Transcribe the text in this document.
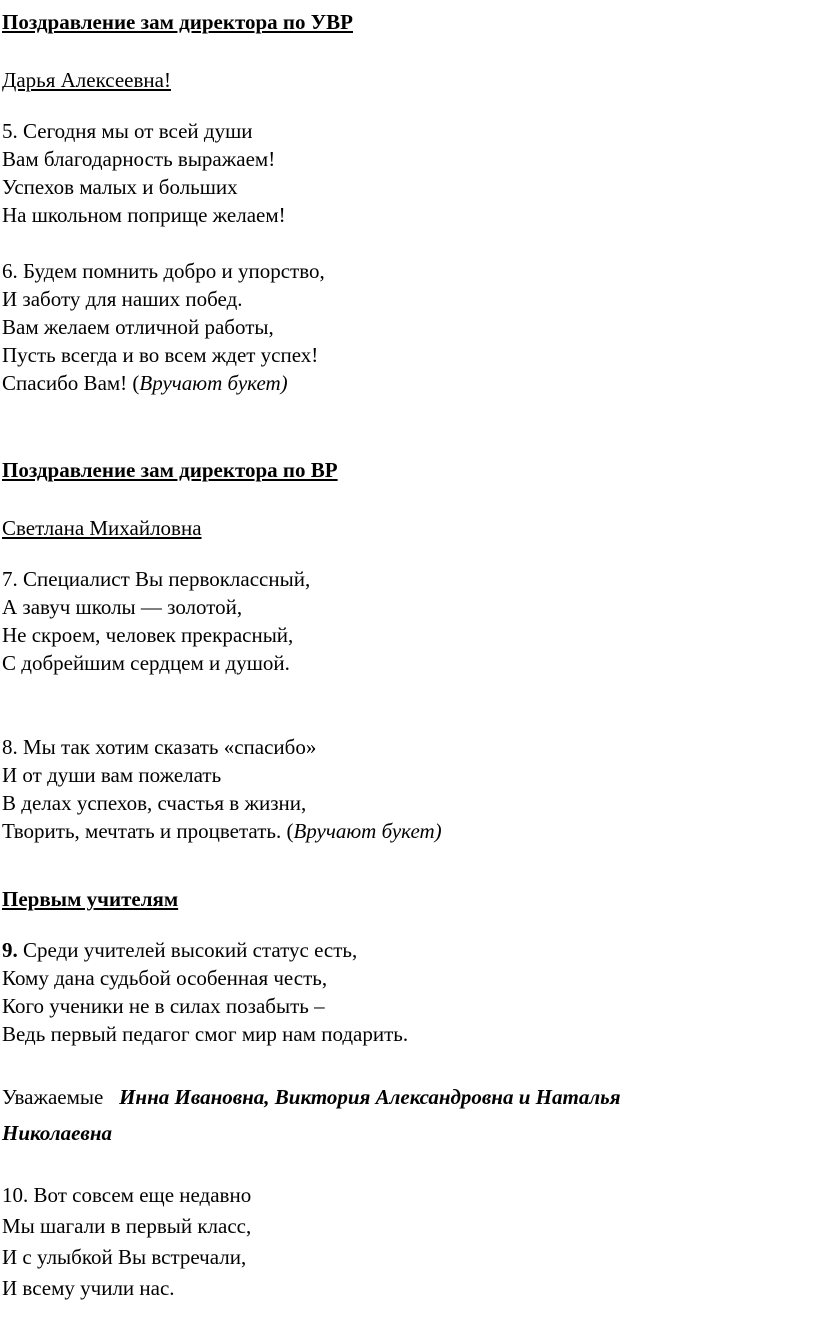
Поздравление зам директора по УВР
Дарья Алексеевна!
5. Сегодня мы от всей души
Вам благодарность выражаем!
Успехов малых и больших
На школьном поприще желаем!
6. Будем помнить добро и упорство,
И заботу для наших побед.
Вам желаем отличной работы,
Пусть всегда и во всем ждет успех!
Спасибо Вам! (Вручают букет)
Поздравление зам директора по ВР
Светлана Михайловна
7. Специалист Вы первоклассный,
А завуч школы — золотой,
Не скроем, человек прекрасный,
С добрейшим сердцем и душой.
8. Мы так хотим сказать «спасибо»
И от души вам пожелать
В делах успехов, счастья в жизни,
Творить, мечтать и процветать. (Вручают букет)
Первым учителям
9. Среди учителей высокий статус есть,
Кому дана судьбой особенная честь,
Кого ученики не в силах позабыть –
Ведь первый педагог смог мир нам подарить.
Уважаемые   Инна Ивановна, Виктория Александровна и Наталья
Николаевна
10. Вот совсем еще недавно
Мы шагали в первый класс,
И с улыбкой Вы встречали,
И всему учили нас.
